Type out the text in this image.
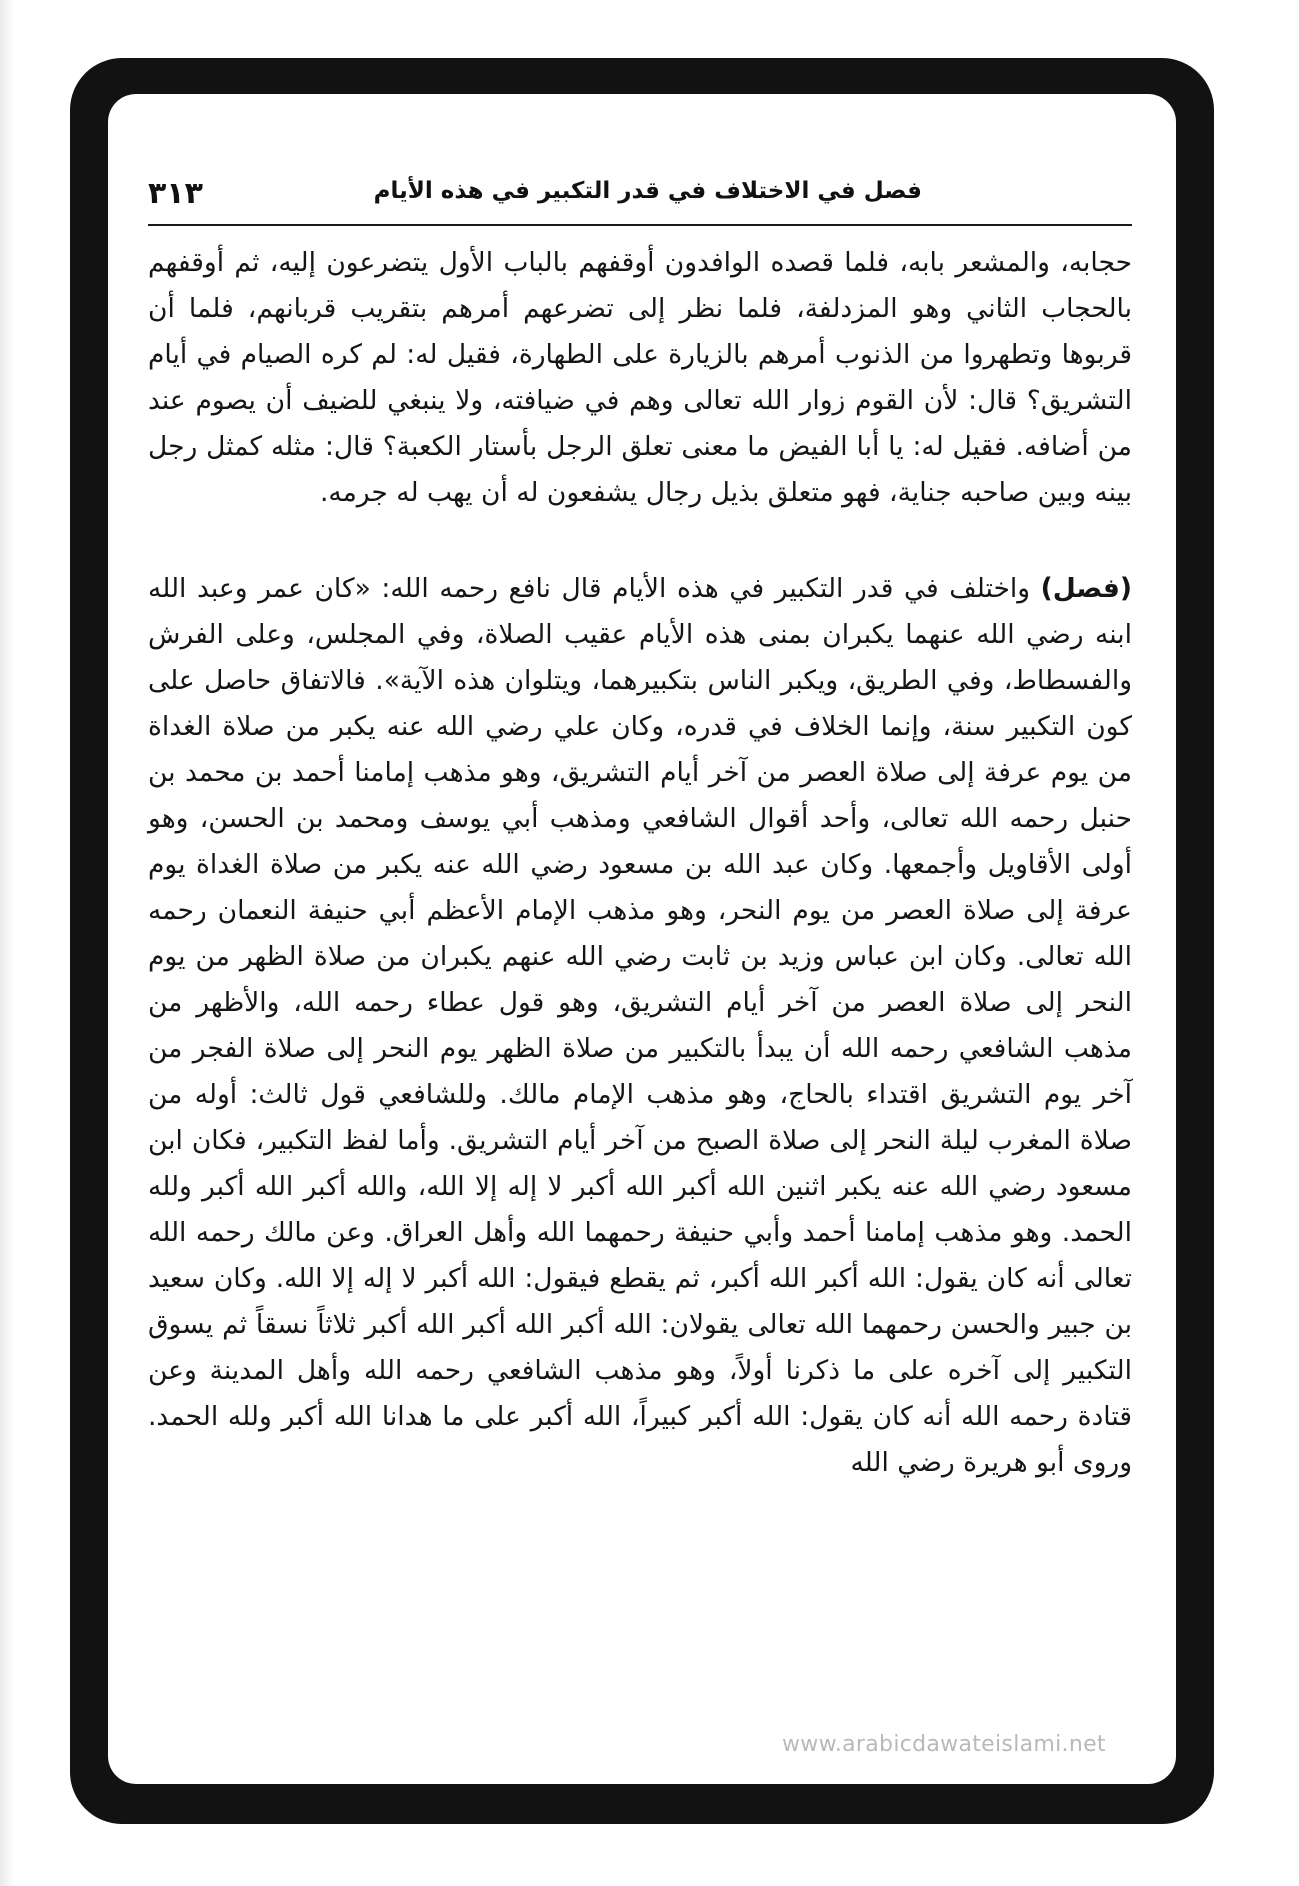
فصل في الاختلاف في قدر التكبير في هذه الأيام
٣١٣

حجابه، والمشعر بابه، فلما قصده الوافدون أوقفهم بالباب الأول يتضرعون إليه، ثم أوقفهم بالحجاب الثاني وهو المزدلفة، فلما نظر إلى تضرعهم أمرهم بتقريب قربانهم، فلما أن قربوها وتطهروا من الذنوب أمرهم بالزيارة على الطهارة، فقيل له: لم كره الصيام في أيام التشريق؟ قال: لأن القوم زوار الله تعالى وهم في ضيافته، ولا ينبغي للضيف أن يصوم عند من أضافه. فقيل له: يا أبا الفيض ما معنى تعلق الرجل بأستار الكعبة؟ قال: مثله كمثل رجل بينه وبين صاحبه جناية، فهو متعلق بذيل رجال يشفعون له أن يهب له جرمه.

(فصل) واختلف في قدر التكبير في هذه الأيام قال نافع رحمه الله: «كان عمر وعبد الله ابنه رضي الله عنهما يكبران بمنى هذه الأيام عقيب الصلاة، وفي المجلس، وعلى الفرش والفسطاط، وفي الطريق، ويكبر الناس بتكبيرهما، ويتلوان هذه الآية». فالاتفاق حاصل على كون التكبير سنة، وإنما الخلاف في قدره، وكان علي رضي الله عنه يكبر من صلاة الغداة من يوم عرفة إلى صلاة العصر من آخر أيام التشريق، وهو مذهب إمامنا أحمد بن محمد بن حنبل رحمه الله تعالى، وأحد أقوال الشافعي ومذهب أبي يوسف ومحمد بن الحسن، وهو أولى الأقاويل وأجمعها. وكان عبد الله بن مسعود رضي الله عنه يكبر من صلاة الغداة يوم عرفة إلى صلاة العصر من يوم النحر، وهو مذهب الإمام الأعظم أبي حنيفة النعمان رحمه الله تعالى. وكان ابن عباس وزيد بن ثابت رضي الله عنهم يكبران من صلاة الظهر من يوم النحر إلى صلاة العصر من آخر أيام التشريق، وهو قول عطاء رحمه الله، والأظهر من مذهب الشافعي رحمه الله أن يبدأ بالتكبير من صلاة الظهر يوم النحر إلى صلاة الفجر من آخر يوم التشريق اقتداء بالحاج، وهو مذهب الإمام مالك. وللشافعي قول ثالث: أوله من صلاة المغرب ليلة النحر إلى صلاة الصبح من آخر أيام التشريق. وأما لفظ التكبير، فكان ابن مسعود رضي الله عنه يكبر اثنين الله أكبر الله أكبر لا إله إلا الله، والله أكبر الله أكبر ولله الحمد. وهو مذهب إمامنا أحمد وأبي حنيفة رحمهما الله وأهل العراق. وعن مالك رحمه الله تعالى أنه كان يقول: الله أكبر الله أكبر، ثم يقطع فيقول: الله أكبر لا إله إلا الله. وكان سعيد بن جبير والحسن رحمهما الله تعالى يقولان: الله أكبر الله أكبر الله أكبر ثلاثاً نسقاً ثم يسوق التكبير إلى آخره على ما ذكرنا أولاً، وهو مذهب الشافعي رحمه الله وأهل المدينة وعن قتادة رحمه الله أنه كان يقول: الله أكبر كبيراً، الله أكبر على ما هدانا الله أكبر ولله الحمد. وروى أبو هريرة رضي الله

www.arabicdawateislami.net
